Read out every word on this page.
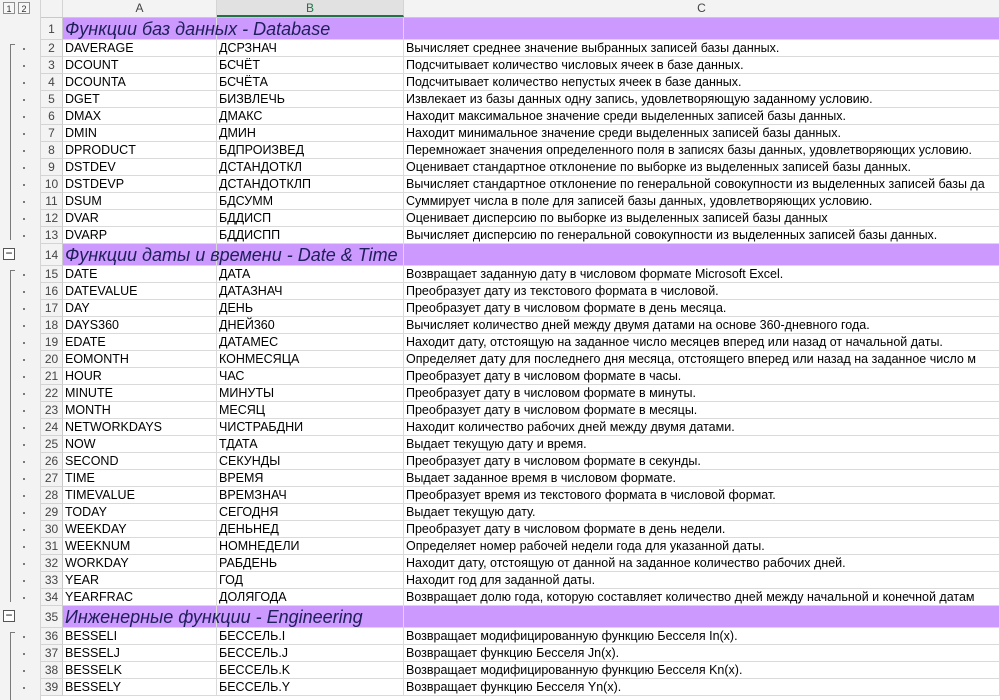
1	2
−
−
A	B	C
1 Функции баз данных - Database
2 DAVERAGE	ДСРЗНАЧ	Вычисляет среднее значение выбранных записей базы данных.
3 DCOUNT	БСЧЁТ	Подсчитывает количество числовых ячеек в базе данных.
4 DCOUNTA	БСЧЁТА	Подсчитывает количество непустых ячеек в базе данных.
5 DGET	БИЗВЛЕЧЬ	Извлекает из базы данных одну запись, удовлетворяющую заданному условию.
6 DMAX	ДМАКС	Находит максимальное значение среди выделенных записей базы данных.
7 DMIN	ДМИН	Находит минимальное значение среди выделенных записей базы данных.
8 DPRODUCT	БДПРОИЗВЕД	Перемножает значения определенного поля в записях базы данных, удовлетворяющих условию.
9 DSTDEV	ДСТАНДОТКЛ	Оценивает стандартное отклонение по выборке из выделенных записей базы данных.
10 DSTDEVP	ДСТАНДОТКЛП	Вычисляет стандартное отклонение по генеральной совокупности из выделенных записей базы да
11 DSUM	БДСУММ	Суммирует числа в поле для записей базы данных, удовлетворяющих условию.
12 DVAR	БДДИСП	Оценивает дисперсию по выборке из выделенных записей базы данных
13 DVARP	БДДИСПП	Вычисляет дисперсию по генеральной совокупности из выделенных записей базы данных.
14 Функции даты и времени - Date & Time
15 DATE	ДАТА	Возвращает заданную дату в числовом формате Microsoft Excel.
16 DATEVALUE	ДАТАЗНАЧ	Преобразует дату из текстового формата в числовой.
17 DAY	ДЕНЬ	Преобразует дату в числовом формате в день месяца.
18 DAYS360	ДНЕЙ360	Вычисляет количество дней между двумя датами на основе 360-дневного года.
19 EDATE	ДАТАМЕС	Находит дату, отстоящую на заданное число месяцев вперед или назад от начальной даты.
20 EOMONTH	КОНМЕСЯЦА	Определяет дату для последнего дня месяца, отстоящего вперед или назад на заданное число м
21 HOUR	ЧАС	Преобразует дату в числовом формате в часы.
22 MINUTE	МИНУТЫ	Преобразует дату в числовом формате в минуты.
23 MONTH	МЕСЯЦ	Преобразует дату в числовом формате в месяцы.
24 NETWORKDAYS	ЧИСТРАБДНИ	Находит количество рабочих дней между двумя датами.
25 NOW	ТДАТА	Выдает текущую дату и время.
26 SECOND	СЕКУНДЫ	Преобразует дату в числовом формате в секунды.
27 TIME	ВРЕМЯ	Выдает заданное время в числовом формате.
28 TIMEVALUE	ВРЕМЗНАЧ	Преобразует время из текстового формата в числовой формат.
29 TODAY	СЕГОДНЯ	Выдает текущую дату.
30 WEEKDAY	ДЕНЬНЕД	Преобразует дату в числовом формате в день недели.
31 WEEKNUM	НОМНЕДЕЛИ	Определяет номер рабочей недели года для указанной даты.
32 WORKDAY	РАБДЕНЬ	Находит дату, отстоящую от данной на заданное количество рабочих дней.
33 YEAR	ГОД	Находит год для заданной даты.
34 YEARFRAC	ДОЛЯГОДА	Возвращает долю года, которую составляет количество дней между начальной и конечной датам
35 Инженерные функции - Engineering
36 BESSELI	БЕССЕЛЬ.I	Возвращает модифицированную функцию Бесселя In(x).
37 BESSELJ	БЕССЕЛЬ.J	Возвращает функцию Бесселя Jn(x).
38 BESSELK	БЕССЕЛЬ.K	Возвращает модифицированную функцию Бесселя Kn(x).
39 BESSELY	БЕССЕЛЬ.Y	Возвращает функцию Бесселя Yn(x).
